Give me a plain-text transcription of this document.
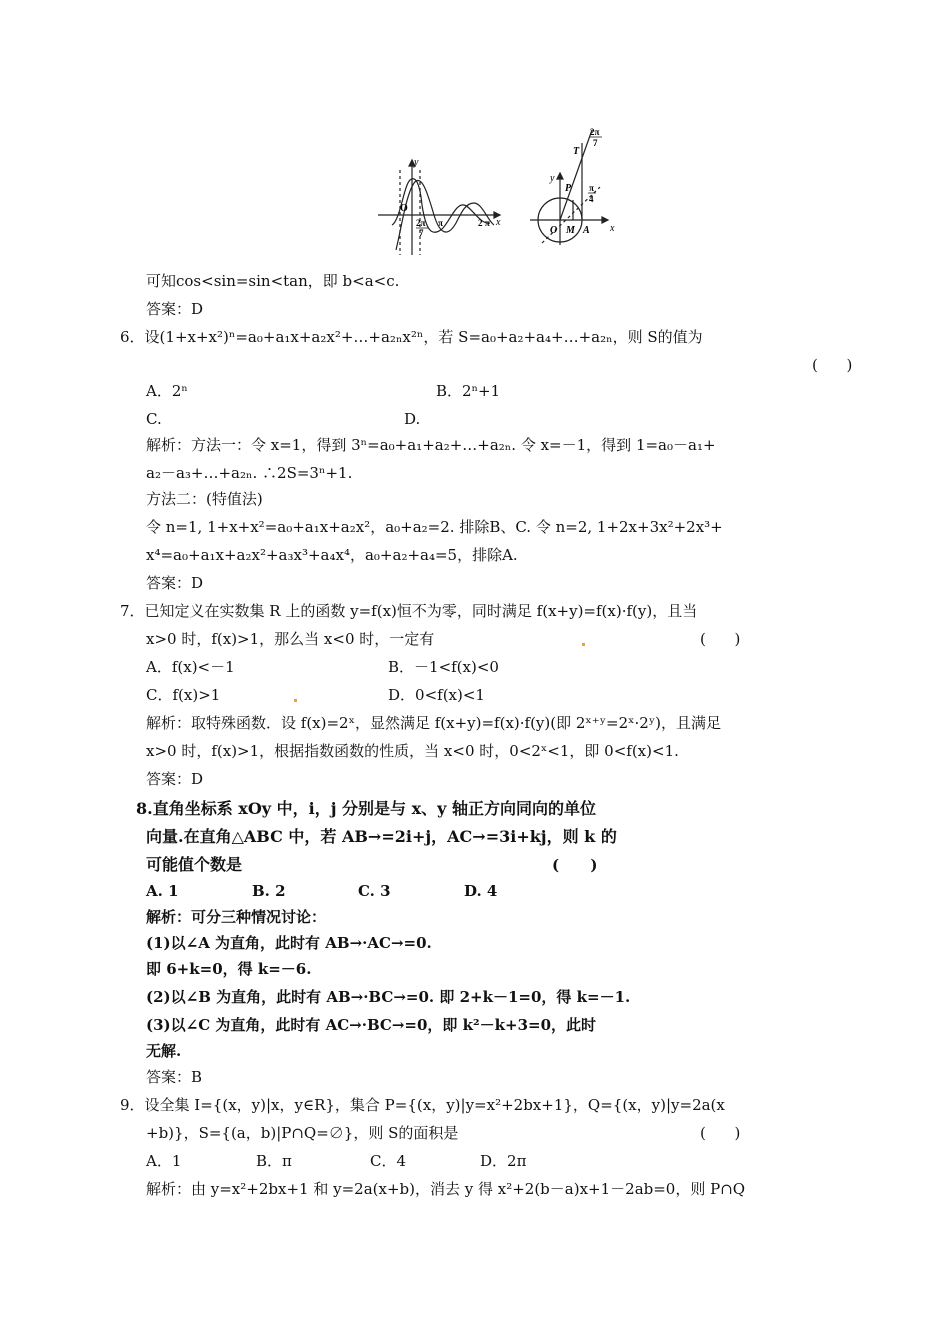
y
x
O
2π
7
π	2 π
y
x
O
T
P
M A
2π
7
π
4
可知cos<sin=sin<tan，即 b<a<c.
答案：D
6．设(1+x+x²)ⁿ=a₀+a₁x+a₂x²+…+a₂ₙx²ⁿ，若 S=a₀+a₂+a₄+…+a₂ₙ，则 S的值为
(      )
A．2ⁿ	B．2ⁿ+1
C.	D.
解析：方法一：令 x=1，得到 3ⁿ=a₀+a₁+a₂+…+a₂ₙ. 令 x=－1，得到 1=a₀－a₁+
a₂－a₃+…+a₂ₙ. ∴2S=3ⁿ+1.
方法二：(特值法)
令 n=1, 1+x+x²=a₀+a₁x+a₂x²，a₀+a₂=2. 排除B、C. 令 n=2, 1+2x+3x²+2x³+
x⁴=a₀+a₁x+a₂x²+a₃x³+a₄x⁴，a₀+a₂+a₄=5，排除A.
答案：D
7．已知定义在实数集 R 上的函数 y=f(x)恒不为零，同时满足 f(x+y)=f(x)·f(y)，且当
x>0 时，f(x)>1，那么当 x<0 时，一定有	(      )
A．f(x)<－1	B．－1<f(x)<0
C．f(x)>1	D．0<f(x)<1
解析：取特殊函数．设 f(x)=2ˣ，显然满足 f(x+y)=f(x)·f(y)(即 2ˣ⁺ʸ=2ˣ·2ʸ)，且满足
x>0 时，f(x)>1，根据指数函数的性质，当 x<0 时，0<2ˣ<1，即 0<f(x)<1.
答案：D
8.直角坐标系 xOy 中，i，j 分别是与 x、y 轴正方向同向的单位
向量.在直角△ABC 中，若 AB→=2i+j，AC→=3i+kj，则 k 的
可能值个数是	(      )
A. 1	B. 2	C. 3	D. 4
解析：可分三种情况讨论：
(1)以∠A 为直角，此时有 AB→·AC→=0.
即 6+k=0，得 k=－6.
(2)以∠B 为直角，此时有 AB→·BC→=0. 即 2+k－1=0，得 k=－1.
(3)以∠C 为直角，此时有 AC→·BC→=0，即 k²－k+3=0，此时
无解.
答案：B
9．设全集 I={(x，y)|x，y∈R}，集合 P={(x，y)|y=x²+2bx+1}，Q={(x，y)|y=2a(x
+b)}，S={(a，b)|P∩Q=∅}，则 S的面积是	(      )
A．1	B．π	C．4	D．2π
解析：由 y=x²+2bx+1 和 y=2a(x+b)，消去 y 得 x²+2(b－a)x+1－2ab=0，则 P∩Q
